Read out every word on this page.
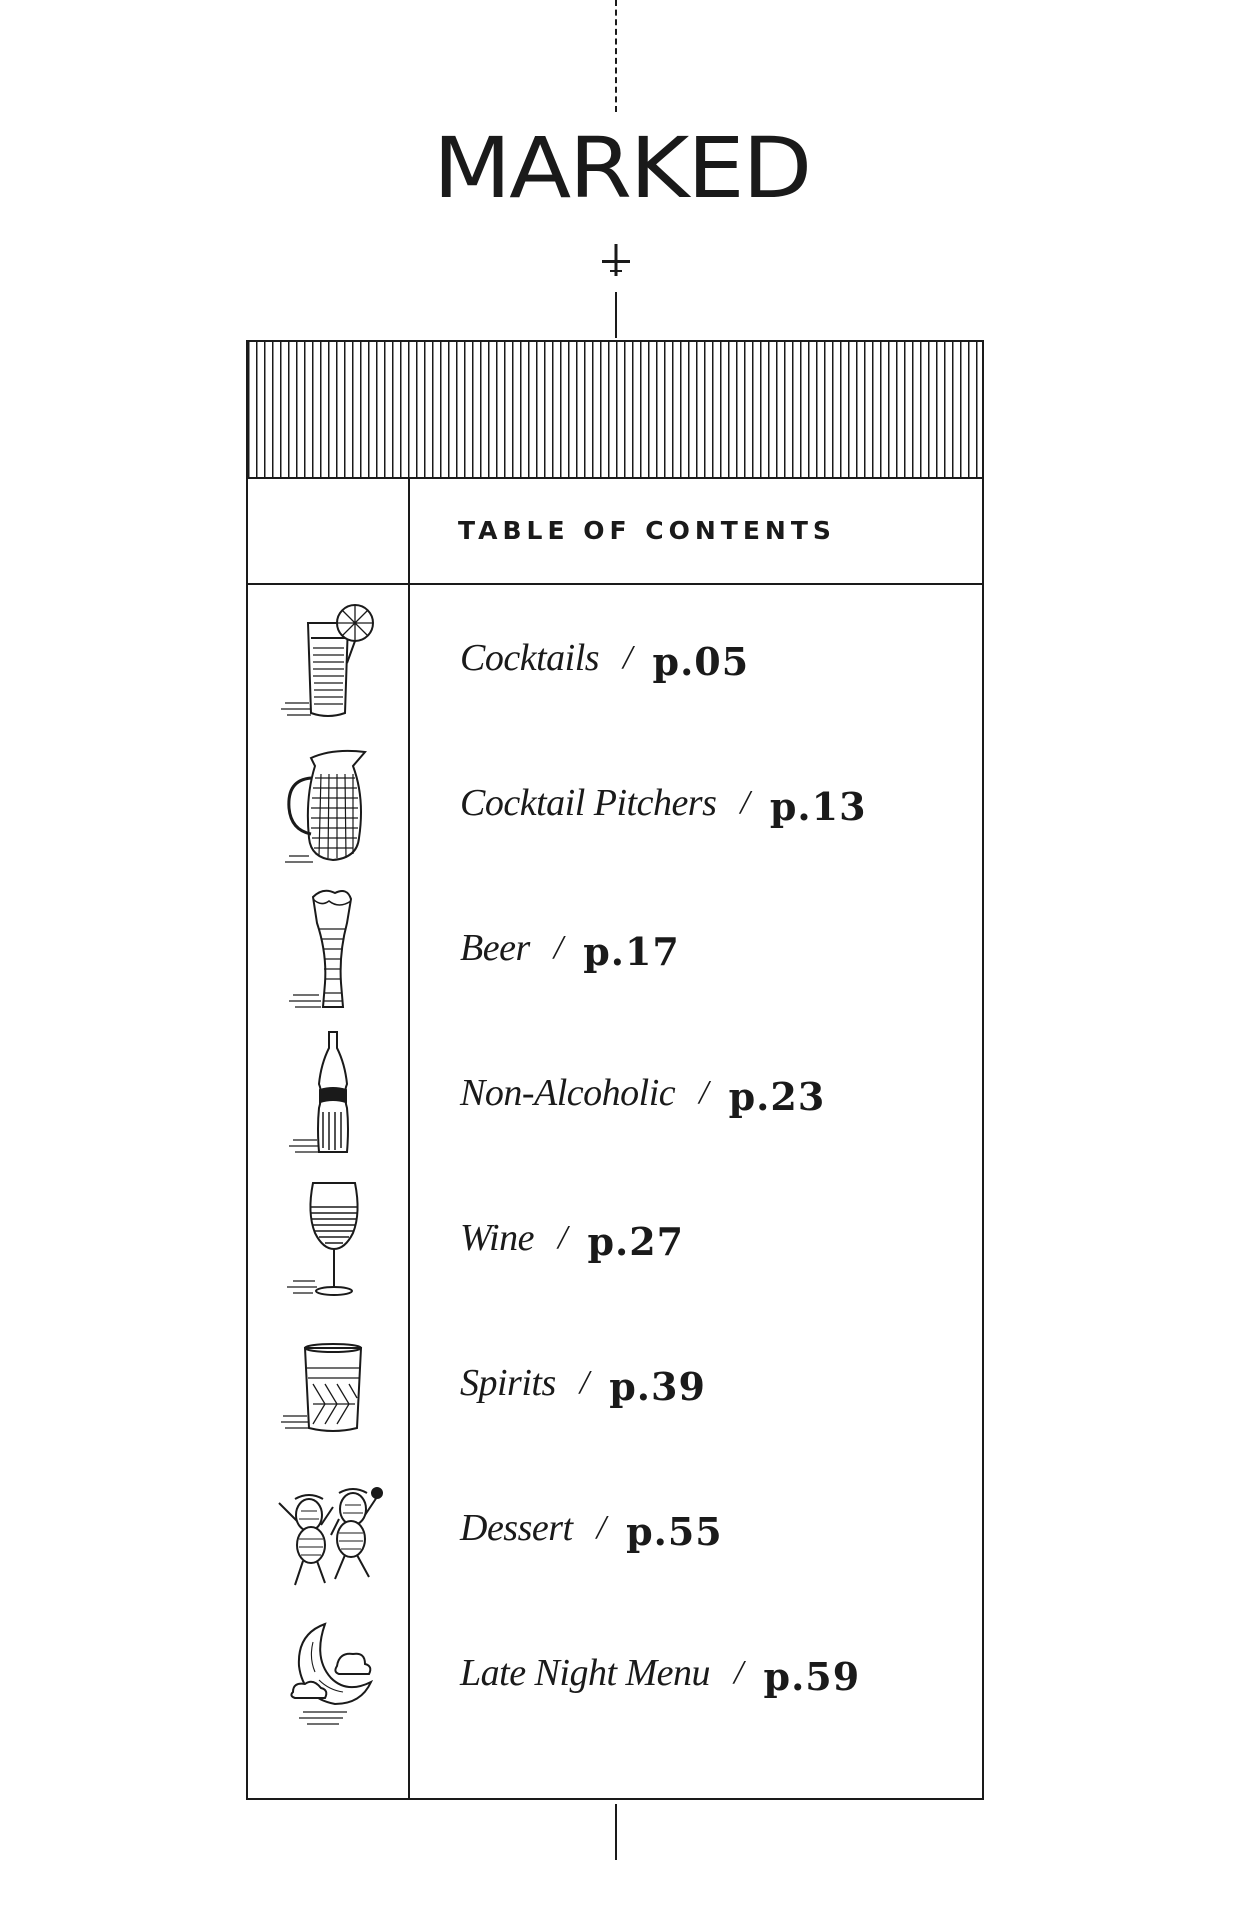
MARKED
TABLE OF CONTENTS
Cocktails / p.05
Cocktail Pitchers / p.13
Beer / p.17
Non-Alcoholic / p.23
Wine / p.27
Spirits / p.39
Dessert / p.55
Late Night Menu / p.59
